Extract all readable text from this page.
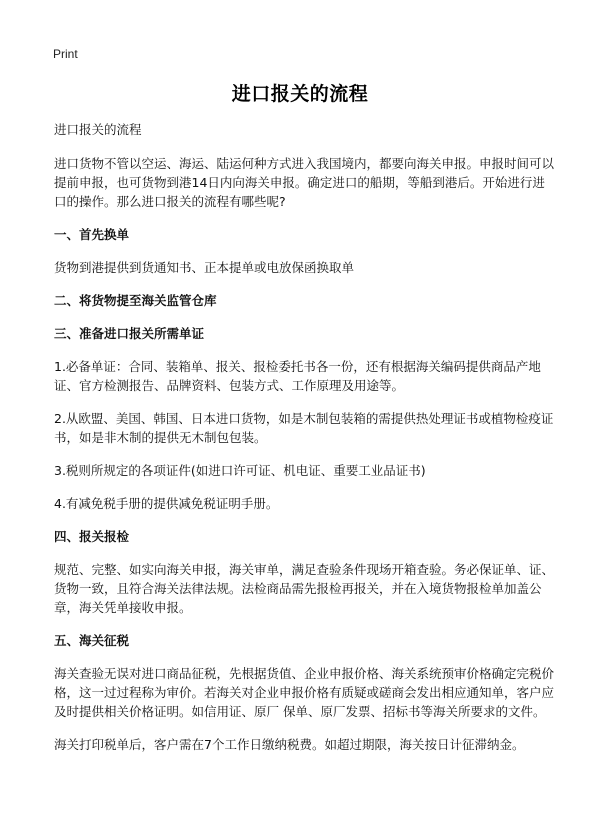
Print
进口报关的流程

进口报关的流程

进口货物不管以空运、海运、陆运何种方式进入我国境内，都要向海关申报。申报时间可以提前申报，也可货物到港14日内向海关申报。确定进口的船期，等船到港后。开始进行进口的操作。那么进口报关的流程有哪些呢?

一、首先换单

货物到港提供到货通知书、正本提单或电放保函换取单

二、将货物提至海关监管仓库
三、准备进口报关所需单证

1.必备单证：合同、装箱单、报关、报检委托书各一份，还有根据海关编码提供商品产地证、官方检测报告、品牌资料、包装方式、工作原理及用途等。

2.从欧盟、美国、韩国、日本进口货物，如是木制包装箱的需提供热处理证书或植物检疫证书，如是非木制的提供无木制包包装。

3.税则所规定的各项证件(如进口许可证、机电证、重要工业品证书)

4.有减免税手册的提供减免税证明手册。

四、报关报检

规范、完整、如实向海关申报，海关审单，满足查验条件现场开箱查验。务必保证单、证、货物一致，且符合海关法律法规。法检商品需先报检再报关，并在入境货物报检单加盖公章，海关凭单接收申报。

五、海关征税

海关查验无误对进口商品征税，先根据货值、企业申报价格、海关系统预审价格确定完税价格，这一过过程称为审价。若海关对企业申报价格有质疑或磋商会发出相应通知单，客户应及时提供相关价格证明。如信用证、原厂 保单、原厂发票、招标书等海关所要求的文件。

海关打印税单后，客户需在7个工作日缴纳税费。如超过期限，海关按日计征滞纳金。
